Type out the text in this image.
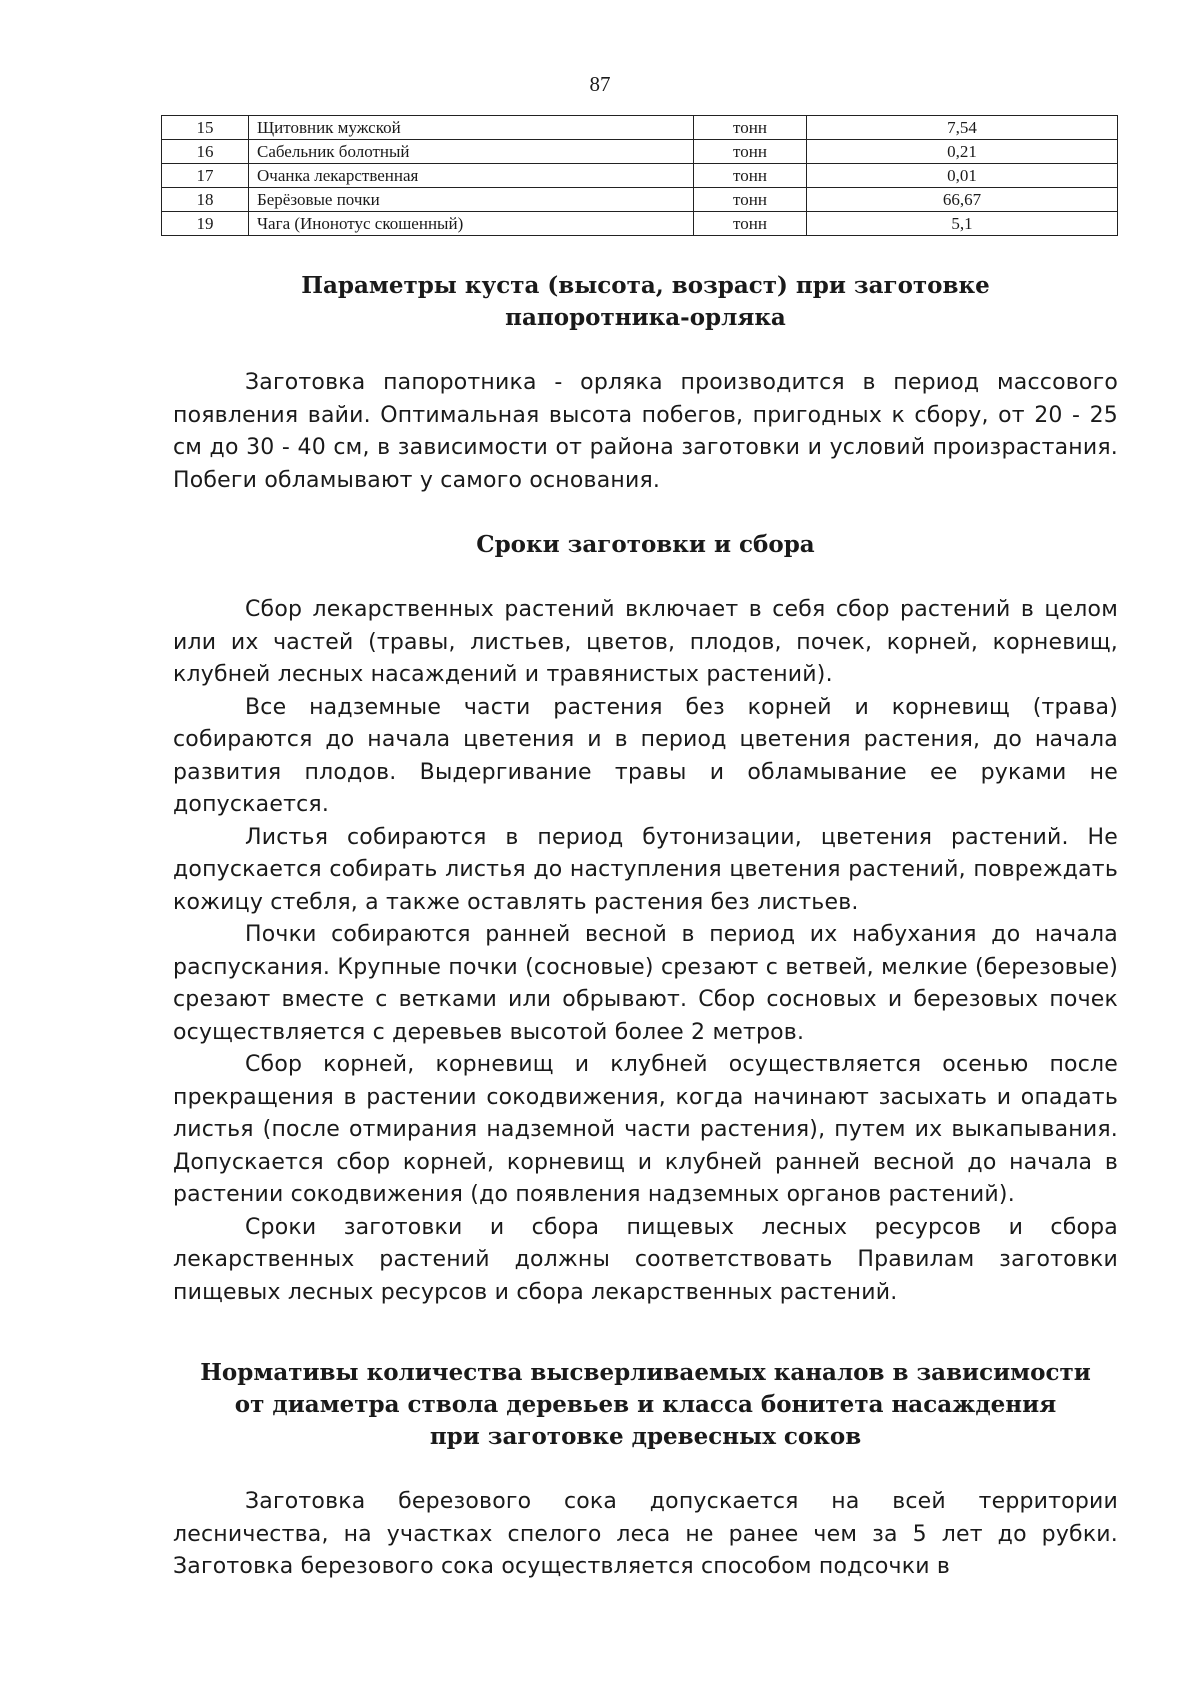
87
15	Щитовник мужской	тонн	7,54
16	Сабельник болотный	тонн	0,21
17	Очанка лекарственная	тонн	0,01
18	Берёзовые почки	тонн	66,67
19	Чага (Инонотус скошенный)	тонн	5,1
Параметры куста (высота, возраст) при заготовке
папоротника-орляка

Заготовка папоротника - орляка производится в период массового появления вайи. Оптимальная высота побегов, пригодных к сбору, от 20 - 25 см до 30 - 40 см, в зависимости от района заготовки и условий произрастания. Побеги обламывают у самого основания.

Сроки заготовки и сбора

Сбор лекарственных растений включает в себя сбор растений в целом или их частей (травы, листьев, цветов, плодов, почек, корней, корневищ, клубней лесных насаждений и травянистых растений).

Все надземные части растения без корней и корневищ (трава) собираются до начала цветения и в период цветения растения, до начала развития плодов. Выдергивание травы и обламывание ее руками не допускается.

Листья собираются в период бутонизации, цветения растений. Не допускается собирать листья до наступления цветения растений, повреждать кожицу стебля, а также оставлять растения без листьев.

Почки собираются ранней весной в период их набухания до начала распускания. Крупные почки (сосновые) срезают с ветвей, мелкие (березовые) срезают вместе с ветками или обрывают. Сбор сосновых и березовых почек осуществляется с деревьев высотой более 2 метров.

Сбор корней, корневищ и клубней осуществляется осенью после прекращения в растении сокодвижения, когда начинают засыхать и опадать листья (после отмирания надземной части растения), путем их выкапывания. Допускается сбор корней, корневищ и клубней ранней весной до начала в растении сокодвижения (до появления надземных органов растений).

Сроки заготовки и сбора пищевых лесных ресурсов и сбора лекарственных растений должны соответствовать Правилам заготовки пищевых лесных ресурсов и сбора лекарственных растений.

Нормативы количества высверливаемых каналов в зависимости
от диаметра ствола деревьев и класса бонитета насаждения
при заготовке древесных соков

Заготовка березового сока допускается на всей территории лесничества, на участках спелого леса не ранее чем за 5 лет до рубки. Заготовка березового сока осуществляется способом подсочки в
